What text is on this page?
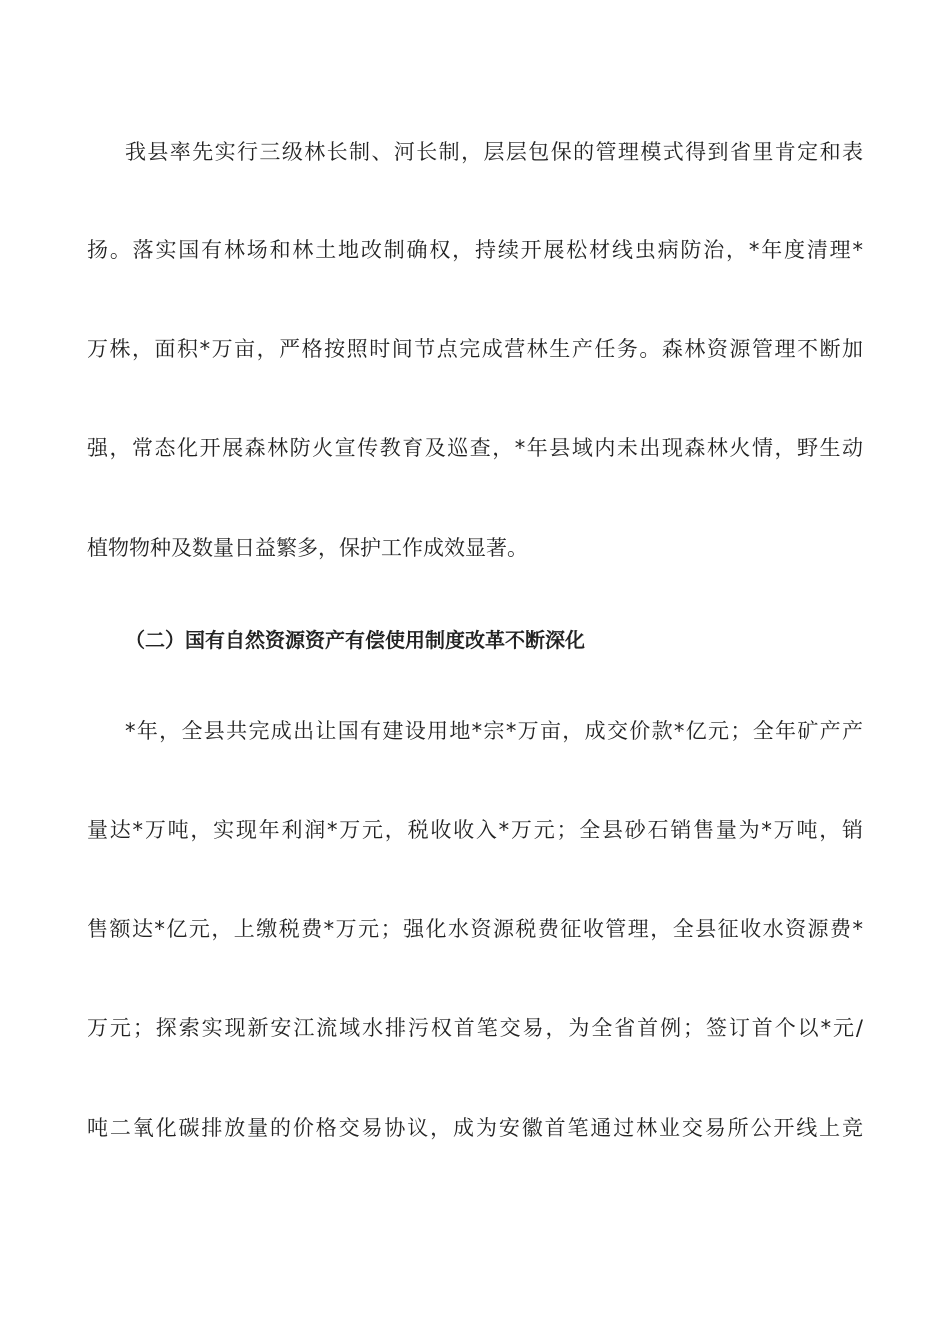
我县率先实行三级林长制、河长制，层层包保的管理模式得到省里肯定和表
扬。落实国有林场和林土地改制确权，持续开展松材线虫病防治，*年度清理*
万株，面积*万亩，严格按照时间节点完成营林生产任务。森林资源管理不断加
强，常态化开展森林防火宣传教育及巡查，*年县域内未出现森林火情，野生动
植物物种及数量日益繁多，保护工作成效显著。
（二）国有自然资源资产有偿使用制度改革不断深化
*年，全县共完成出让国有建设用地*宗*万亩，成交价款*亿元；全年矿产产
量达*万吨，实现年利润*万元，税收收入*万元；全县砂石销售量为*万吨，销
售额达*亿元，上缴税费*万元；强化水资源税费征收管理，全县征收水资源费*
万元；探索实现新安江流域水排污权首笔交易，为全省首例；签订首个以*元/
吨二氧化碳排放量的价格交易协议，成为安徽首笔通过林业交易所公开线上竞
